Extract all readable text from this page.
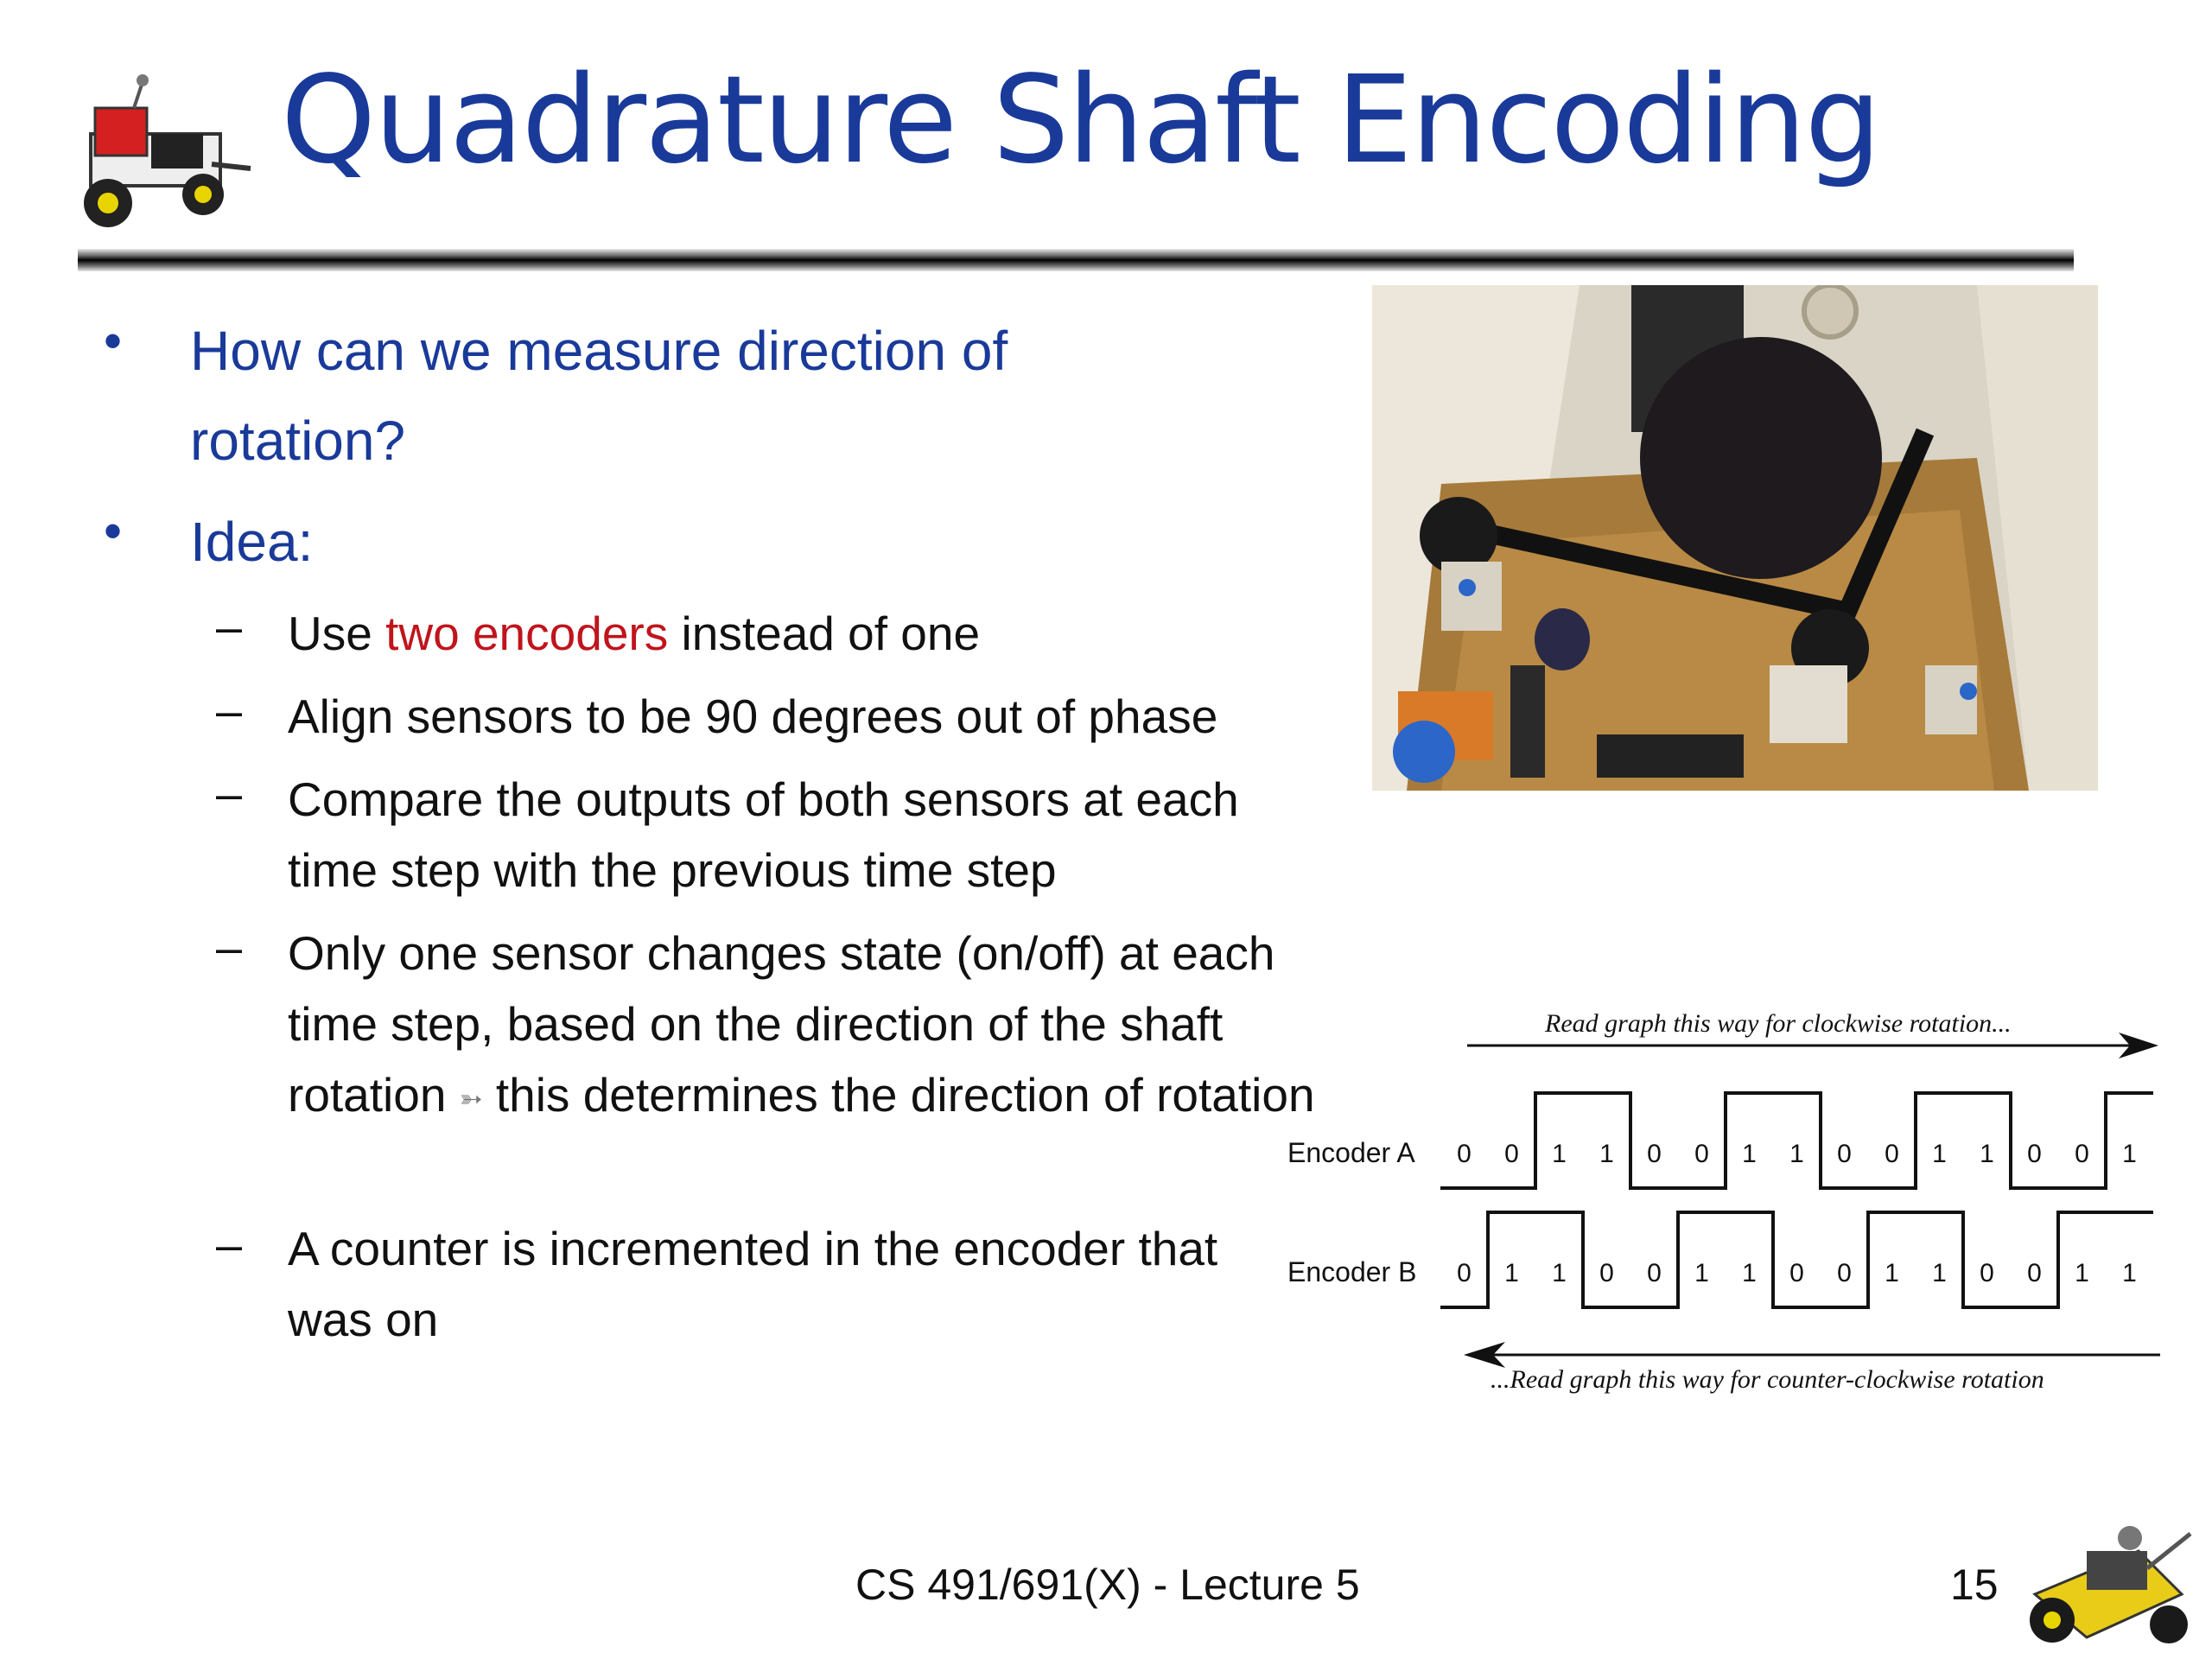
Quadrature Shaft Encoding
• How can we measure direction of rotation?
• Idea:
– Use two encoders instead of one
– Align sensors to be 90 degrees out of phase
– Compare the outputs of both sensors at each time step with the previous time step
– Only one sensor changes state (on/off) at each time step, based on the direction of the shaft rotation ➳ this determines the direction of rotation
– A counter is incremented in the encoder that was on
Read graph this way for clockwise rotation...
Encoder A
Encoder B
0 0 1 1 0 0 1 1 0 0 1 1 0 0 1
0 1 1 0 0 1 1 0 0 1 1 0 0 1 1
...Read graph this way for counter-clockwise rotation
CS 491/691(X) - Lecture 5	15
